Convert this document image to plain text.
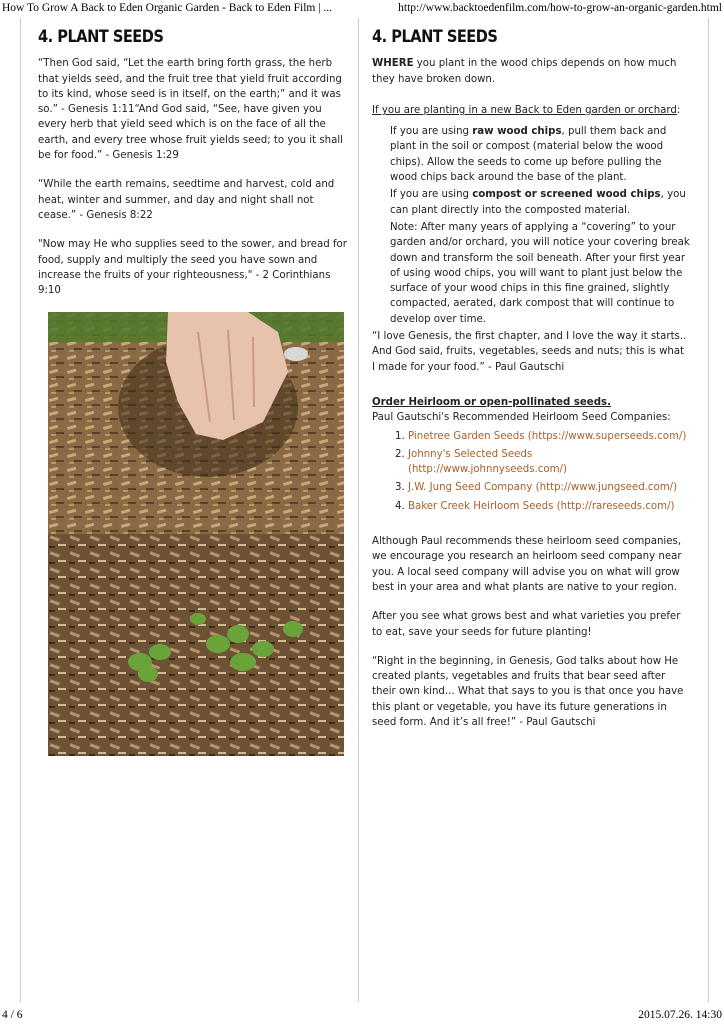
How To Grow A Back to Eden Organic Garden - Back to Eden Film | ...	http://www.backtoedenfilm.com/how-to-grow-an-organic-garden.html
4. PLANT SEEDS

“Then God said, “Let the earth bring forth grass, the herb that yields seed, and the fruit tree that yield fruit according to its kind, whose seed is in itself, on the earth;” and it was so.” - Genesis 1:11“And God said, “See, have given you every herb that yield seed which is on the face of all the earth, and every tree whose fruit yields seed; to you it shall be for food.” - Genesis 1:29

“While the earth remains, seedtime and harvest, cold and heat, winter and summer, and day and night shall not cease.” - Genesis 8:22

"Now may He who supplies seed to the sower, and bread for food, supply and multiply the seed you have sown and increase the fruits of your righteousness," - 2 Corinthians 9:10

4. PLANT SEEDS

WHERE you plant in the wood chips depends on how much they have broken down.

If you are planting in a new Back to Eden garden or orchard:

If you are using raw wood chips, pull them back and plant in the soil or compost (material below the wood chips). Allow the seeds to come up before pulling the wood chips back around the base of the plant.

If you are using compost or screened wood chips, you can plant directly into the composted material.

Note: After many years of applying a “covering” to your garden and/or orchard, you will notice your covering break down and transform the soil beneath. After your first year of using wood chips, you will want to plant just below the surface of your wood chips in this fine grained, slightly compacted, aerated, dark compost that will continue to develop over time.

“I love Genesis, the first chapter, and I love the way it starts.. And God said, fruits, vegetables, seeds and nuts; this is what I made for your food.” - Paul Gautschi

Order Heirloom or open-pollinated seeds.

Paul Gautschi's Recommended Heirloom Seed Companies:

1. Pinetree Garden Seeds (https://www.superseeds.com/)
2. Johnny's Selected Seeds (http://www.johnnyseeds.com/)
3. J.W. Jung Seed Company (http://www.jungseed.com/)
4. Baker Creek Heirloom Seeds (http://rareseeds.com/)

Although Paul recommends these heirloom seed companies, we encourage you research an heirloom seed company near you. A local seed company will advise you on what will grow best in your area and what plants are native to your region.

After you see what grows best and what varieties you prefer to eat, save your seeds for future planting!

“Right in the beginning, in Genesis, God talks about how He created plants, vegetables and fruits that bear seed after their own kind... What that says to you is that once you have this plant or vegetable, you have its future generations in seed form. And it’s all free!” - Paul Gautschi

4 / 6	2015.07.26. 14:30
